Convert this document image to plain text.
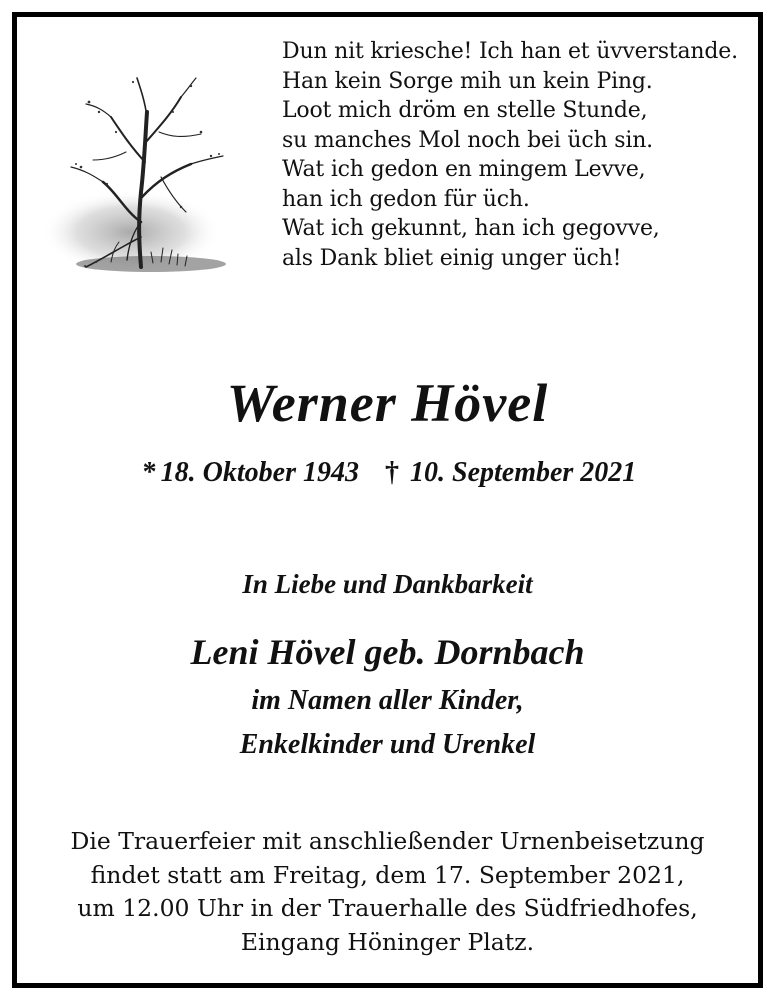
Dun nit kriesche! Ich han et üvverstande.
Han kein Sorge mih un kein Ping.
Loot mich dröm en stelle Stunde,
su manches Mol noch bei üch sin.
Wat ich gedon en mingem Levve,
han ich gedon für üch.
Wat ich gekunnt, han ich gegovve,
als Dank bliet einig unger üch!
Werner Hövel
* 18. Oktober 1943 † 10. September 2021
In Liebe und Dankbarkeit
Leni Hövel geb. Dornbach
im Namen aller Kinder,
Enkelkinder und Urenkel
Die Trauerfeier mit anschließender Urnenbeisetzung
findet statt am Freitag, dem 17. September 2021,
um 12.00 Uhr in der Trauerhalle des Südfriedhofes,
Eingang Höninger Platz.
